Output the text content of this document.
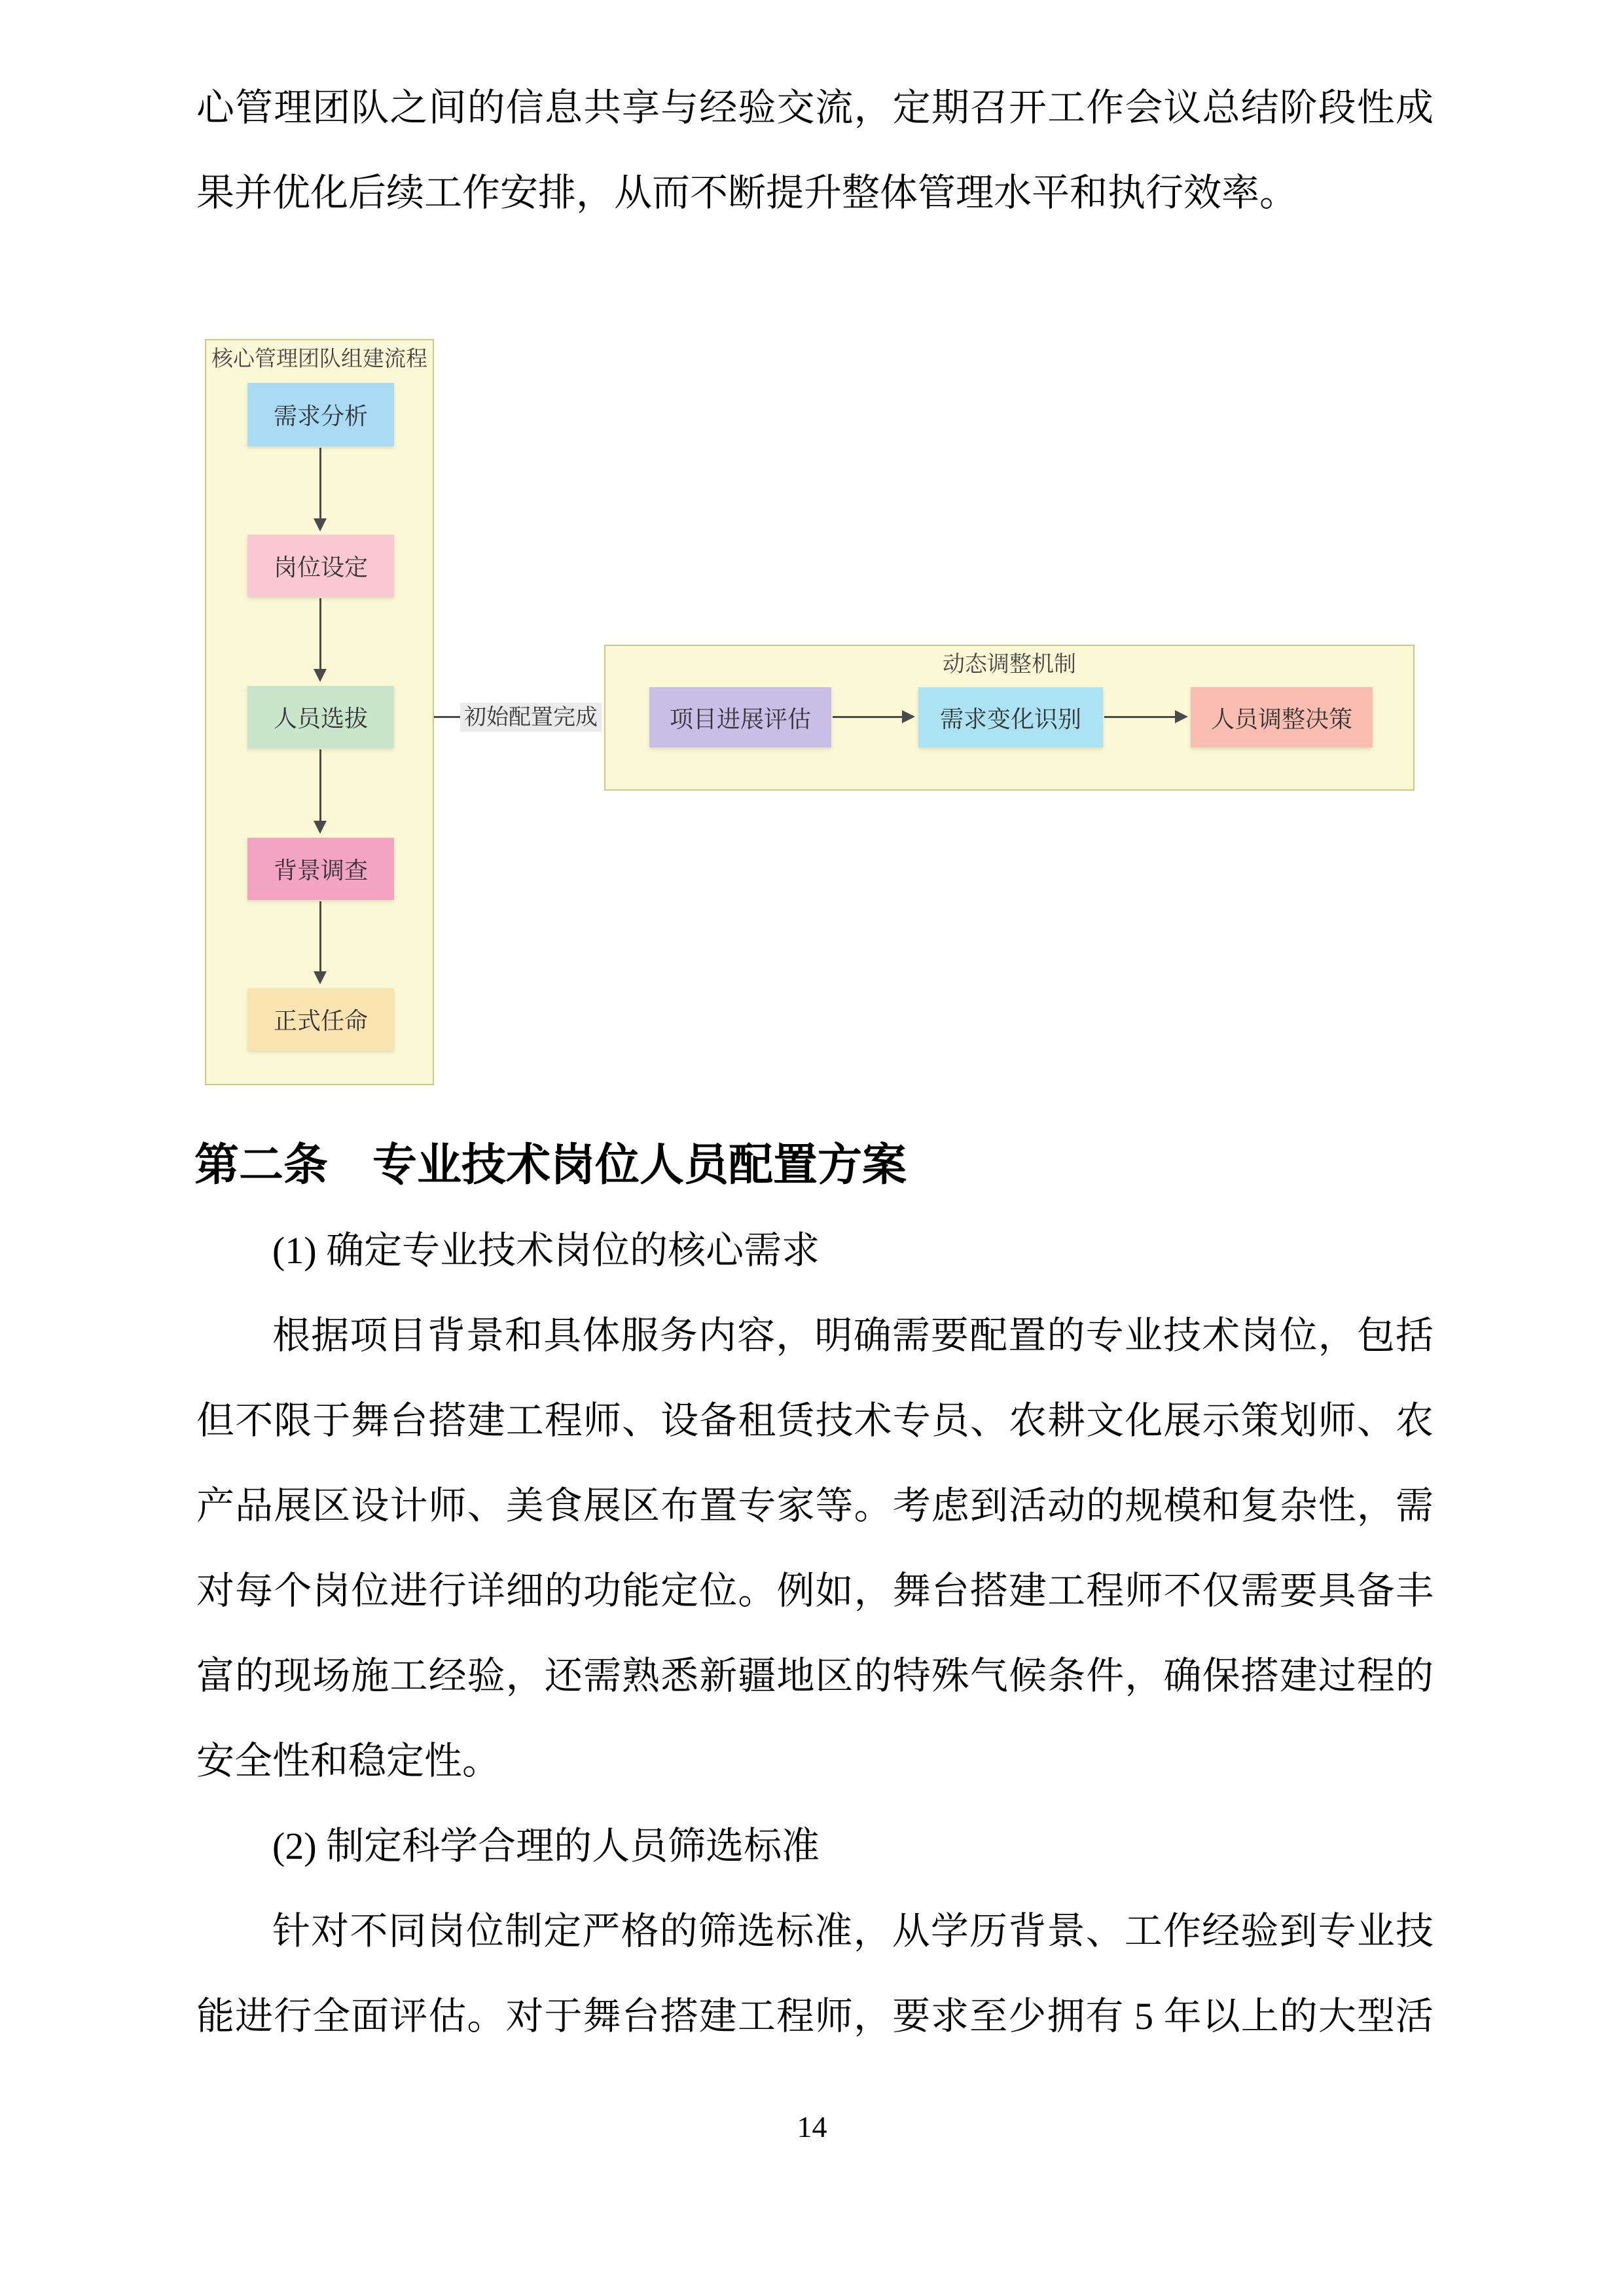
心管理团队之间的信息共享与经验交流，定期召开工作会议总结阶段性成
果并优化后续工作安排，从而不断提升整体管理水平和执行效率。
核心管理团队组建流程
需求分析
岗位设定
人员选拔
背景调查
正式任命
初始配置完成
动态调整机制
项目进展评估	需求变化识别	人员调整决策
第二条　专业技术岗位人员配置方案
(1) 确定专业技术岗位的核心需求
根据项目背景和具体服务内容，明确需要配置的专业技术岗位，包括
但不限于舞台搭建工程师、设备租赁技术专员、农耕文化展示策划师、农
产品展区设计师、美食展区布置专家等。考虑到活动的规模和复杂性，需
对每个岗位进行详细的功能定位。例如，舞台搭建工程师不仅需要具备丰
富的现场施工经验，还需熟悉新疆地区的特殊气候条件，确保搭建过程的
安全性和稳定性。
(2) 制定科学合理的人员筛选标准
针对不同岗位制定严格的筛选标准，从学历背景、工作经验到专业技
能进行全面评估。对于舞台搭建工程师，要求至少拥有 5 年以上的大型活
14
